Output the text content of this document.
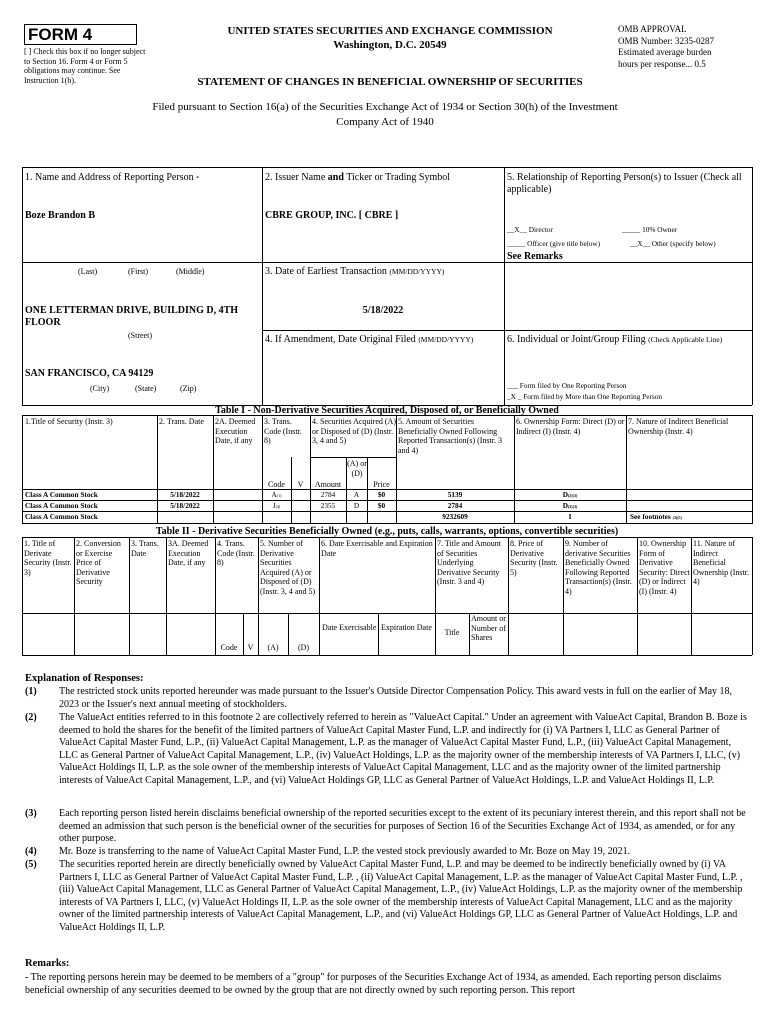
FORM 4
[ ] Check this box if no longer subject to Section 16. Form 4 or Form 5 obligations may continue. See Instruction 1(b).
UNITED STATES SECURITIES AND EXCHANGE COMMISSION
Washington, D.C. 20549
STATEMENT OF CHANGES IN BENEFICIAL OWNERSHIP OF SECURITIES
Filed pursuant to Section 16(a) of the Securities Exchange Act of 1934 or Section 30(h) of the Investment Company Act of 1940
OMB APPROVAL
OMB Number: 3235-0287
Estimated average burden
hours per response... 0.5
1. Name and Address of Reporting Person *
Boze Brandon B
(Last)	(First)	(Middle)
ONE LETTERMAN DRIVE, BUILDING D, 4TH FLOOR
(Street)
SAN FRANCISCO, CA 94129
(City)	(State)	(Zip)
2. Issuer Name and Ticker or Trading Symbol
CBRE GROUP, INC. [ CBRE ]
3. Date of Earliest Transaction (MM/DD/YYYY)
5/18/2022
4. If Amendment, Date Original Filed (MM/DD/YYYY)
5. Relationship of Reporting Person(s) to Issuer (Check all applicable)
__X__ Director	_____ 10% Owner
_____ Officer (give title below)	__X__ Other (specify below)
See Remarks
6. Individual or Joint/Group Filing (Check Applicable Line)
___ Form filed by One Reporting Person
_X _ Form filed by More than One Reporting Person
Table I - Non-Derivative Securities Acquired, Disposed of, or Beneficially Owned
1.Title of Security (Instr. 3)	2. Trans. Date	2A. Deemed Execution Date, if any
3. Trans. Code (Instr. 8)
4. Securities Acquired (A) or Disposed of (D) (Instr. 3, 4 and 5)
5. Amount of Securities Beneficially Owned Following Reported Transaction(s) (Instr. 3 and 4)
6. Ownership Form: Direct (D) or Indirect (I) (Instr. 4)
7. Nature of Indirect Beneficial Ownership (Instr. 4)
Code	V	Amount
(A) or (D)
Price
Class A Common Stock	5/18/2022	A(1)	2784	A	$0	5139	D(2)(3)
Class A Common Stock	5/18/2022	J(4)	2355	D	$0	2784	D(2)(3)
Class A Common Stock	9232609	I	See footnotes (3)(5)
Table II - Derivative Securities Beneficially Owned (e.g., puts, calls, warrants, options, convertible securities)
1. Title of Derivate Security (Instr. 3)
2. Conversion or Exercise Price of Derivative Security
3. Trans. Date
3A. Deemed Execution Date, if any
4. Trans. Code (Instr. 8)
5. Number of Derivative Securities Acquired (A) or Disposed of (D) (Instr. 3, 4 and 5)
6. Date Exercisable and Expiration Date
7. Title and Amount of Securities Underlying Derivative Security (Instr. 3 and 4)
8. Price of Derivative Security (Instr. 5)
9. Number of derivative Securities Beneficially Owned Following Reported Transaction(s) (Instr. 4)
10. Ownership Form of Derivative Security: Direct (D) or Indirect (I) (Instr. 4)
11. Nature of Indirect Beneficial Ownership (Instr. 4)
Code	V	(A)	(D)
Date Exercisable Expiration Date
Title
Amount or Number of Shares
Explanation of Responses:
(1) The restricted stock units reported hereunder was made pursuant to the Issuer's Outside Director Compensation Policy. This award vests in full on the earlier of May 18, 2023 or the Issuer's next annual meeting of stockholders.
(2) The ValueAct entities referred to in this footnote 2 are collectively referred to herein as "ValueAct Capital." Under an agreement with ValueAct Capital, Brandon B. Boze is deemed to hold the shares for the benefit of the limited partners of ValueAct Capital Master Fund, L.P. and indirectly for (i) VA Partners I, LLC as General Partner of ValueAct Capital Master Fund, L.P., (ii) ValueAct Capital Management, L.P. as the manager of ValueAct Capital Master Fund, L.P., (iii) ValueAct Capital Management, LLC as General Partner of ValueAct Capital Management, L.P., (iv) ValueAct Holdings, L.P. as the majority owner of the membership interests of VA Partners I, LLC, (v) ValueAct Holdings II, L.P. as the sole owner of the membership interests of ValueAct Capital Management, LLC and as the majority owner of the limited partnership interests of ValueAct Capital Management, L.P., and (vi) ValueAct Holdings GP, LLC as General Partner of ValueAct Holdings, L.P. and ValueAct Holdings II, L.P.
(3) Each reporting person listed herein disclaims beneficial ownership of the reported securities except to the extent of its pecuniary interest therein, and this report shall not be deemed an admission that such person is the beneficial owner of the securities for purposes of Section 16 of the Securities Exchange Act of 1934, as amended, or for any other purpose.
(4) Mr. Boze is transferring to the name of ValueAct Capital Master Fund, L.P. the vested stock previously awarded to Mr. Boze on May 19, 2021.
(5) The securities reported herein are directly beneficially owned by ValueAct Capital Master Fund, L.P. and may be deemed to be indirectly beneficially owned by (i) VA Partners I, LLC as General Partner of ValueAct Capital Master Fund, L.P. , (ii) ValueAct Capital Management, L.P. as the manager of ValueAct Capital Master Fund, L.P. , (iii) ValueAct Capital Management, LLC as General Partner of ValueAct Capital Management, L.P., (iv) ValueAct Holdings, L.P. as the majority owner of the membership interests of VA Partners I, LLC, (v) ValueAct Holdings II, L.P. as the sole owner of the membership interests of ValueAct Capital Management, LLC and as the majority owner of the limited partnership interests of ValueAct Capital Management, L.P., and (vi) ValueAct Holdings GP, LLC as General Partner of ValueAct Holdings, L.P. and ValueAct Holdings II, L.P.
Remarks:
- The reporting persons herein may be deemed to be members of a "group" for purposes of the Securities Exchange Act of 1934, as amended. Each reporting person disclaims beneficial ownership of any securities deemed to be owned by the group that are not directly owned by such reporting person. This report
